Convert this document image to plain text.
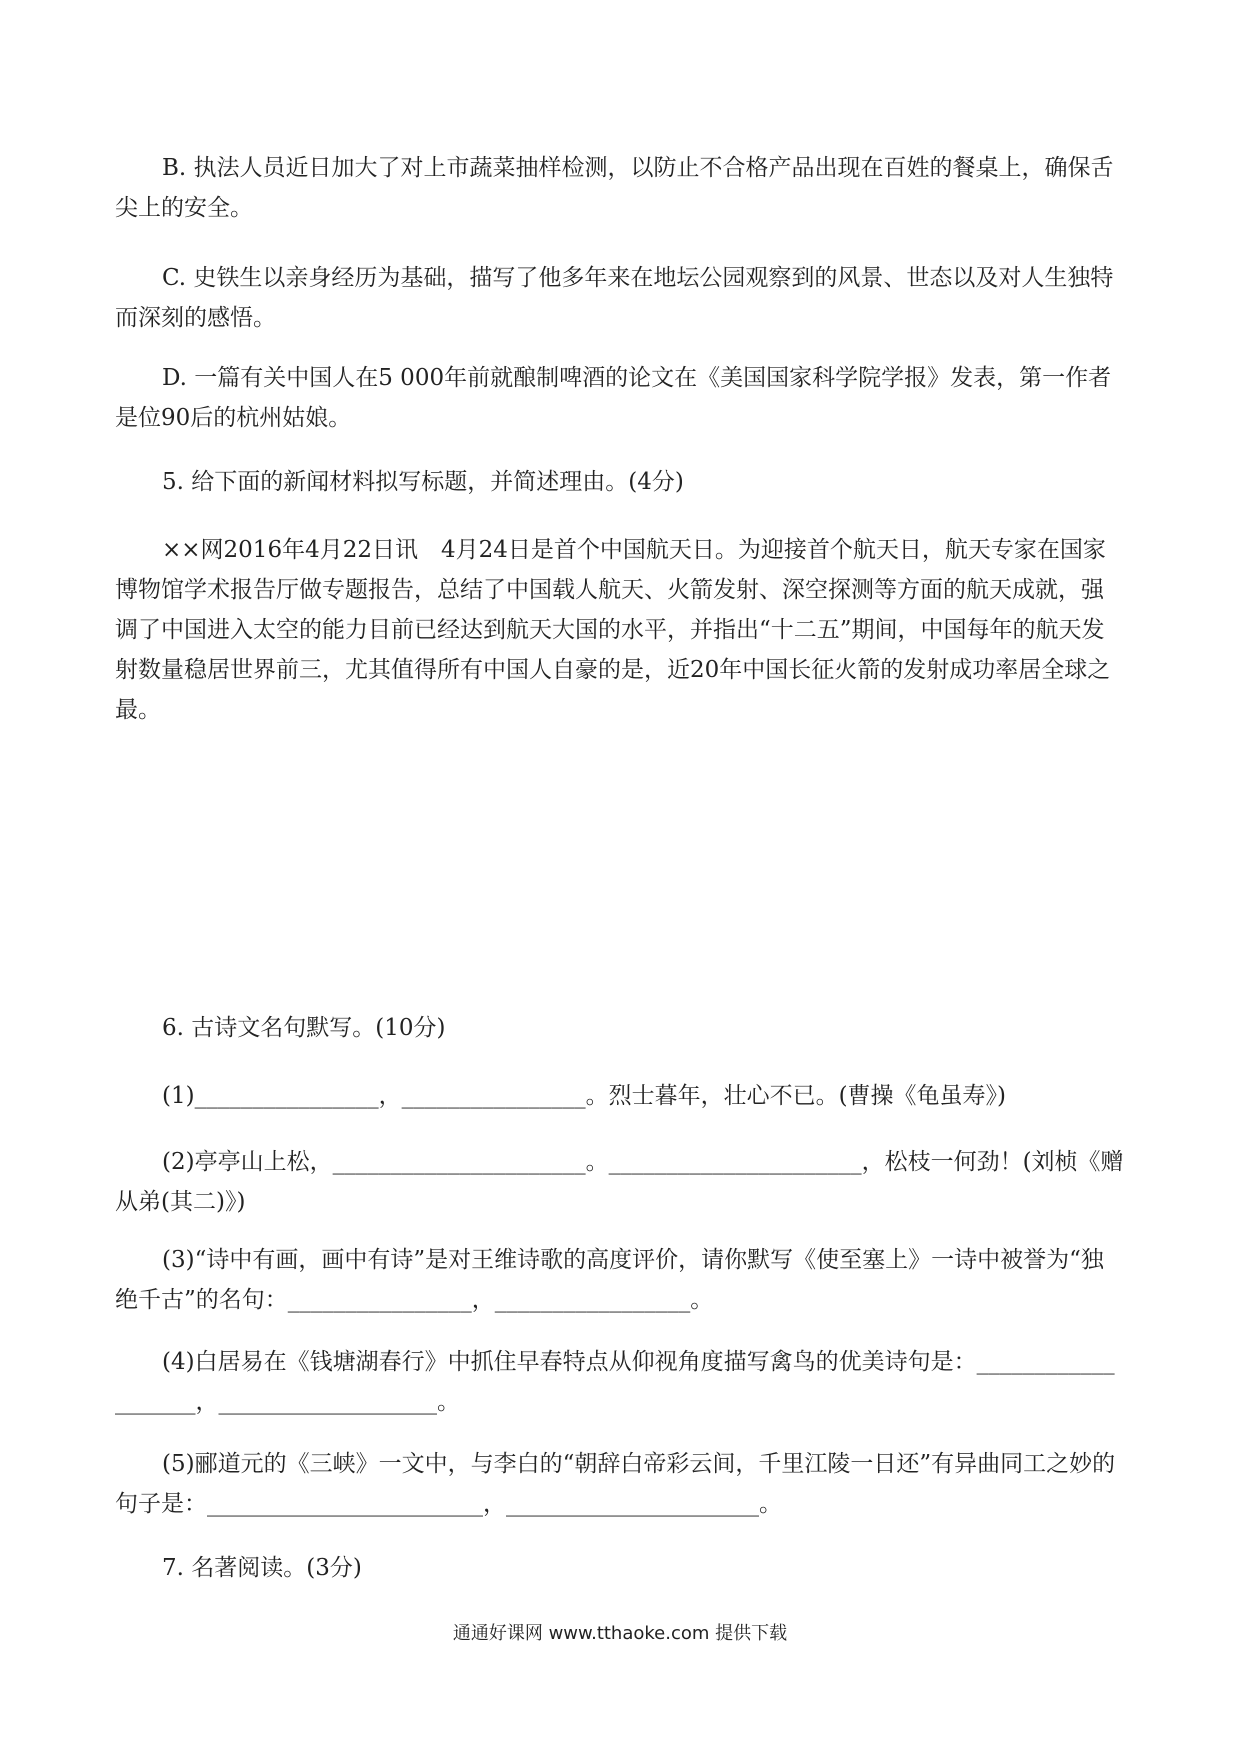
B. 执法人员近日加大了对上市蔬菜抽样检测，以防止不合格产品出现在百姓的餐桌上，确保舌尖上的安全。

C. 史铁生以亲身经历为基础，描写了他多年来在地坛公园观察到的风景、世态以及对人生独特而深刻的感悟。

D. 一篇有关中国人在5 000年前就酿制啤酒的论文在《美国国家科学院学报》发表，第一作者是位90后的杭州姑娘。

5. 给下面的新闻材料拟写标题，并简述理由。(4分)

××网2016年4月22日讯　4月24日是首个中国航天日。为迎接首个航天日，航天专家在国家博物馆学术报告厅做专题报告，总结了中国载人航天、火箭发射、深空探测等方面的航天成就，强调了中国进入太空的能力目前已经达到航天大国的水平，并指出“十二五”期间，中国每年的航天发射数量稳居世界前三，尤其值得所有中国人自豪的是，近20年中国长征火箭的发射成功率居全球之最。

6. 古诗文名句默写。(10分)

(1)________________，________________。烈士暮年，壮心不已。(曹操《龟虽寿》)

(2)亭亭山上松，______________________。______________________，松枝一何劲！(刘桢《赠从弟(其二)》)

(3)“诗中有画，画中有诗”是对王维诗歌的高度评价，请你默写《使至塞上》一诗中被誉为“独绝千古”的名句：________________，_________________。

(4)白居易在《钱塘湖春行》中抓住早春特点从仰视角度描写禽鸟的优美诗句是：___________________，___________________。

(5)郦道元的《三峡》一文中，与李白的“朝辞白帝彩云间，千里江陵一日还”有异曲同工之妙的句子是：________________________，______________________。

7. 名著阅读。(3分)

通通好课网 www.tthaoke.com 提供下载
